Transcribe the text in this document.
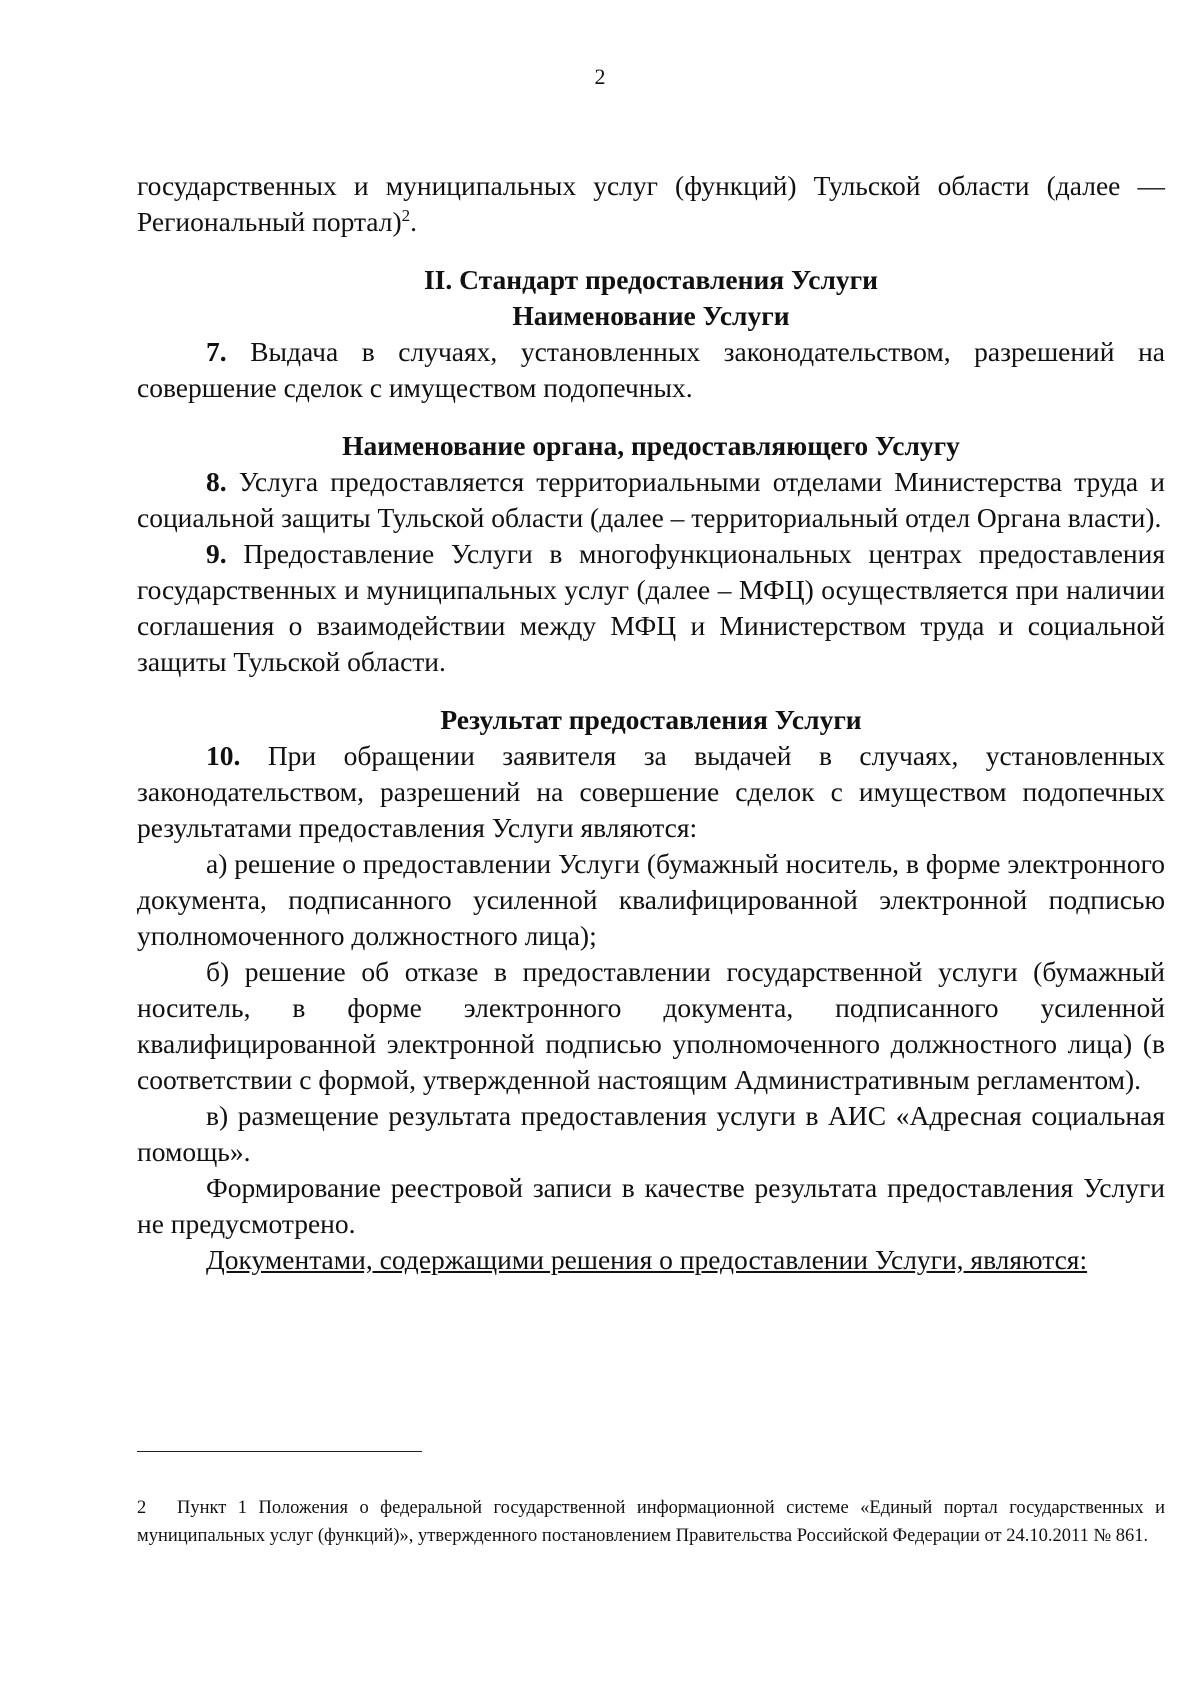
2

государственных и муниципальных услуг (функций) Тульской области (далее — Региональный портал)$^2$.

II. Стандарт предоставления Услуги

Наименование Услуги

7. Выдача в случаях, установленных законодательством, разрешений на совершение сделок с имуществом подопечных.

Наименование органа, предоставляющего Услугу

8. Услуга предоставляется территориальными отделами Министерства труда и социальной защиты Тульской области (далее – территориальный отдел Органа власти).

9. Предоставление Услуги в многофункциональных центрах предоставления государственных и муниципальных услуг (далее – МФЦ) осуществляется при наличии соглашения о взаимодействии между МФЦ и Министерством труда и социальной защиты Тульской области.

Результат предоставления Услуги

10. При обращении заявителя за выдачей в случаях, установленных законодательством, разрешений на совершение сделок с имуществом подопечных результатами предоставления Услуги являются:

а) решение о предоставлении Услуги (бумажный носитель, в форме электронного документа, подписанного усиленной квалифицированной электронной подписью уполномоченного должностного лица);

б) решение об отказе в предоставлении государственной услуги (бумажный носитель, в форме электронного документа, подписанного усиленной квалифицированной электронной подписью уполномоченного должностного лица) (в соответствии с формой, утвержденной настоящим Административным регламентом).

в) размещение результата предоставления услуги в АИС «Адресная социальная помощь».

Формирование реестровой записи в качестве результата предоставления Услуги не предусмотрено.

Документами, содержащими решения о предоставлении Услуги, являются:

2 Пункт 1 Положения о федеральной государственной информационной системе «Единый портал государственных и муниципальных услуг (функций)», утвержденного постановлением Правительства Российской Федерации от 24.10.2011 № 861.
